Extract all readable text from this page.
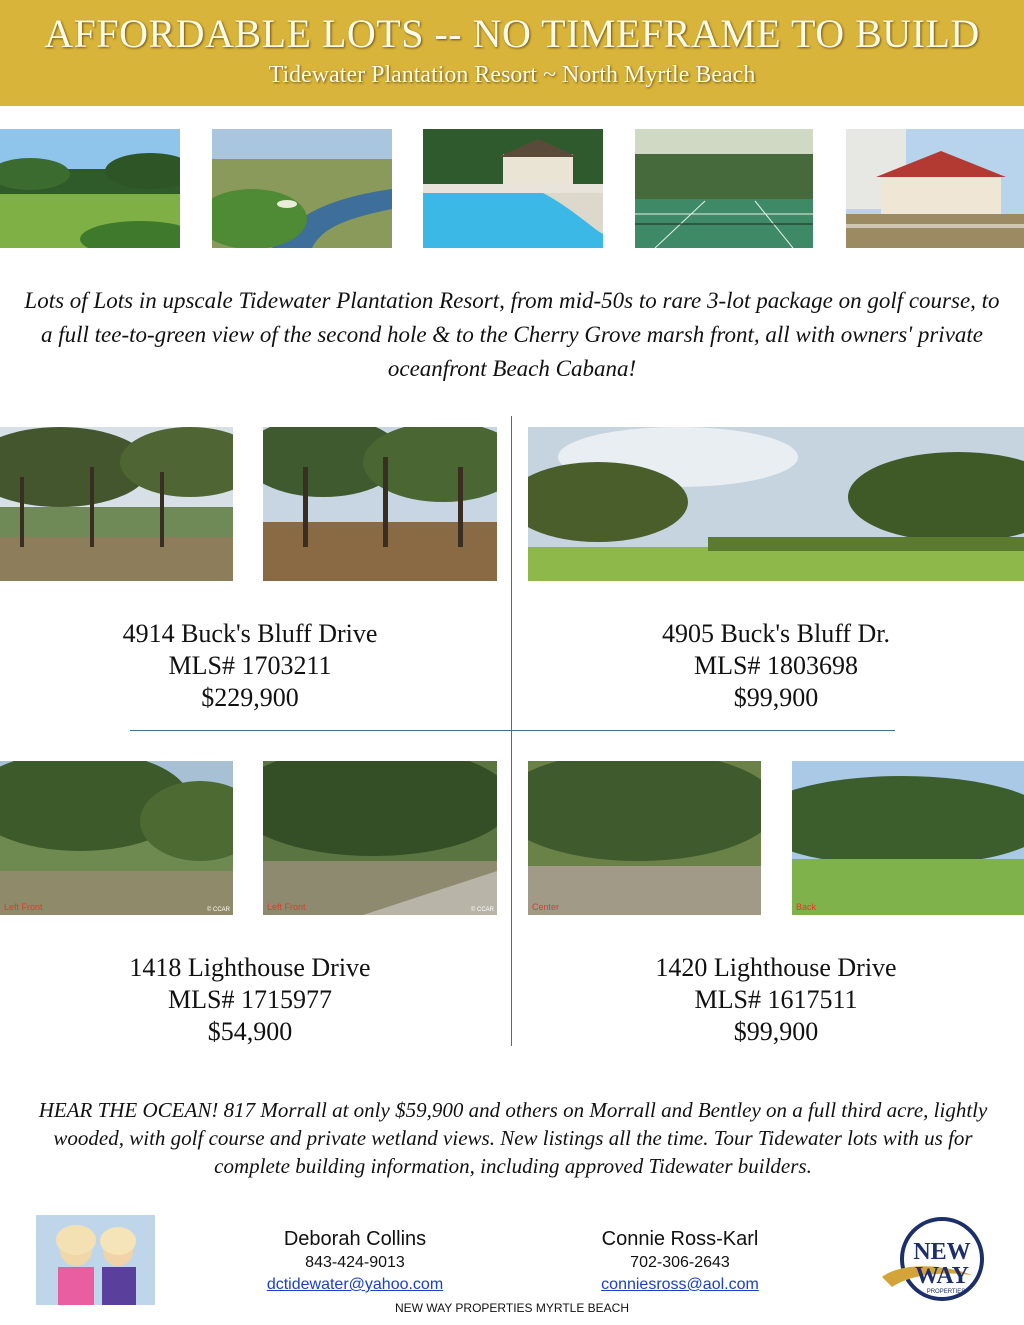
AFFORDABLE LOTS -- NO TIMEFRAME TO BUILD
Tidewater Plantation Resort ~ North Myrtle Beach
Lots of Lots in upscale Tidewater Plantation Resort, from mid-50s to rare 3-lot package on golf course, to a full tee-to-green view of the second hole & to the Cherry Grove marsh front, all with owners' private oceanfront Beach Cabana!
4914 Buck's Bluff Drive
MLS# 1703211
$229,900
4905 Buck's Bluff Dr.
MLS# 1803698
$99,900
Left Front	© CCAR	Left Front	© CCAR	Center	Back
1418 Lighthouse Drive
MLS# 1715977
$54,900
1420 Lighthouse Drive
MLS# 1617511
$99,900
HEAR THE OCEAN! 817 Morrall at only $59,900 and others on Morrall and Bentley on a full third acre, lightly wooded, with golf course and private wetland views. New listings all the time. Tour Tidewater lots with us for complete building information, including approved Tidewater builders.
Deborah Collins
843-424-9013
dctidewater@yahoo.com
Connie Ross-Karl
702-306-2643
conniesross@aol.com
NEW
WAY
PROPERTIES
NEW WAY PROPERTIES MYRTLE BEACH
